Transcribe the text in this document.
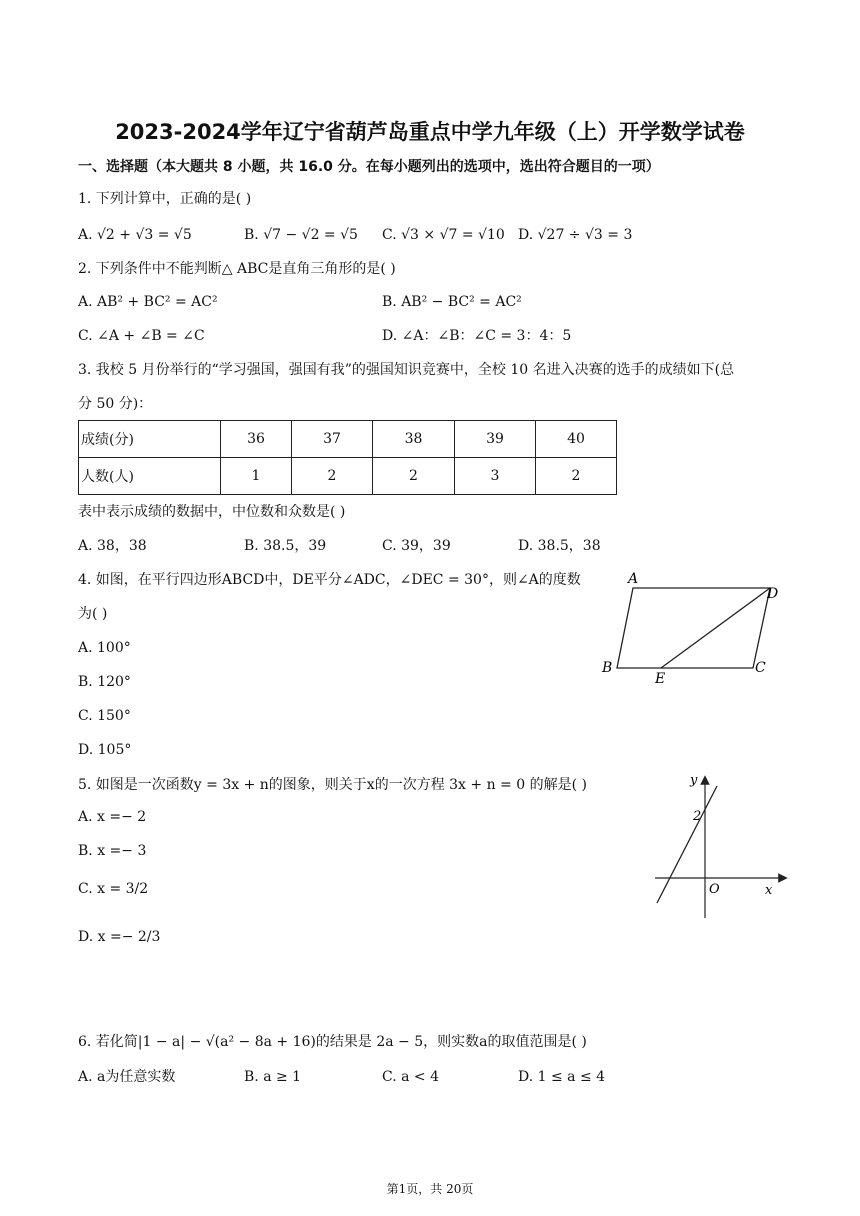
2023-2024学年辽宁省葫芦岛重点中学九年级（上）开学数学试卷
一、选择题（本大题共 8 小题，共 16.0 分。在每小题列出的选项中，选出符合题目的一项）
1. 下列计算中，正确的是( )
A. √2 + √3 = √5	B. √7 − √2 = √5 C. √3 × √7 = √10 D. √27 ÷ √3 = 3
2. 下列条件中不能判断△ ABC是直角三角形的是( )
A. AB² + BC² = AC²	B. AB² − BC² = AC²
C. ∠A + ∠B = ∠C	D. ∠A：∠B：∠C = 3：4：5
3. 我校 5 月份举行的“学习强国，强国有我”的强国知识竞赛中，全校 10 名进入决赛的选手的成绩如下(总
分 50 分)：
成绩(分)	36	37	38	39	40
人数(人)	1	2	2	3	2
表中表示成绩的数据中，中位数和众数是( )
A. 38，38	B. 38.5，39	C. 39，39	D. 38.5，38
4. 如图，在平行四边形ABCD中，DE平分∠ADC，∠DEC = 30°，则∠A的度数
为( )
A. 100°
B. 120°
C. 150°
D. 105°
A
D
B	C
E
5. 如图是一次函数y = 3x + n的图象，则关于x的一次方程 3x + n = 0 的解是( )
A. x =− 2
B. x =− 3
C. x = 3/2
D. x =− 2/3
y
2
O	x
6. 若化简|1 − a| − √(a² − 8a + 16)的结果是 2a − 5，则实数a的取值范围是( )
A. a为任意实数	B. a ≥ 1	C. a < 4	D. 1 ≤ a ≤ 4
第1页，共 20页
